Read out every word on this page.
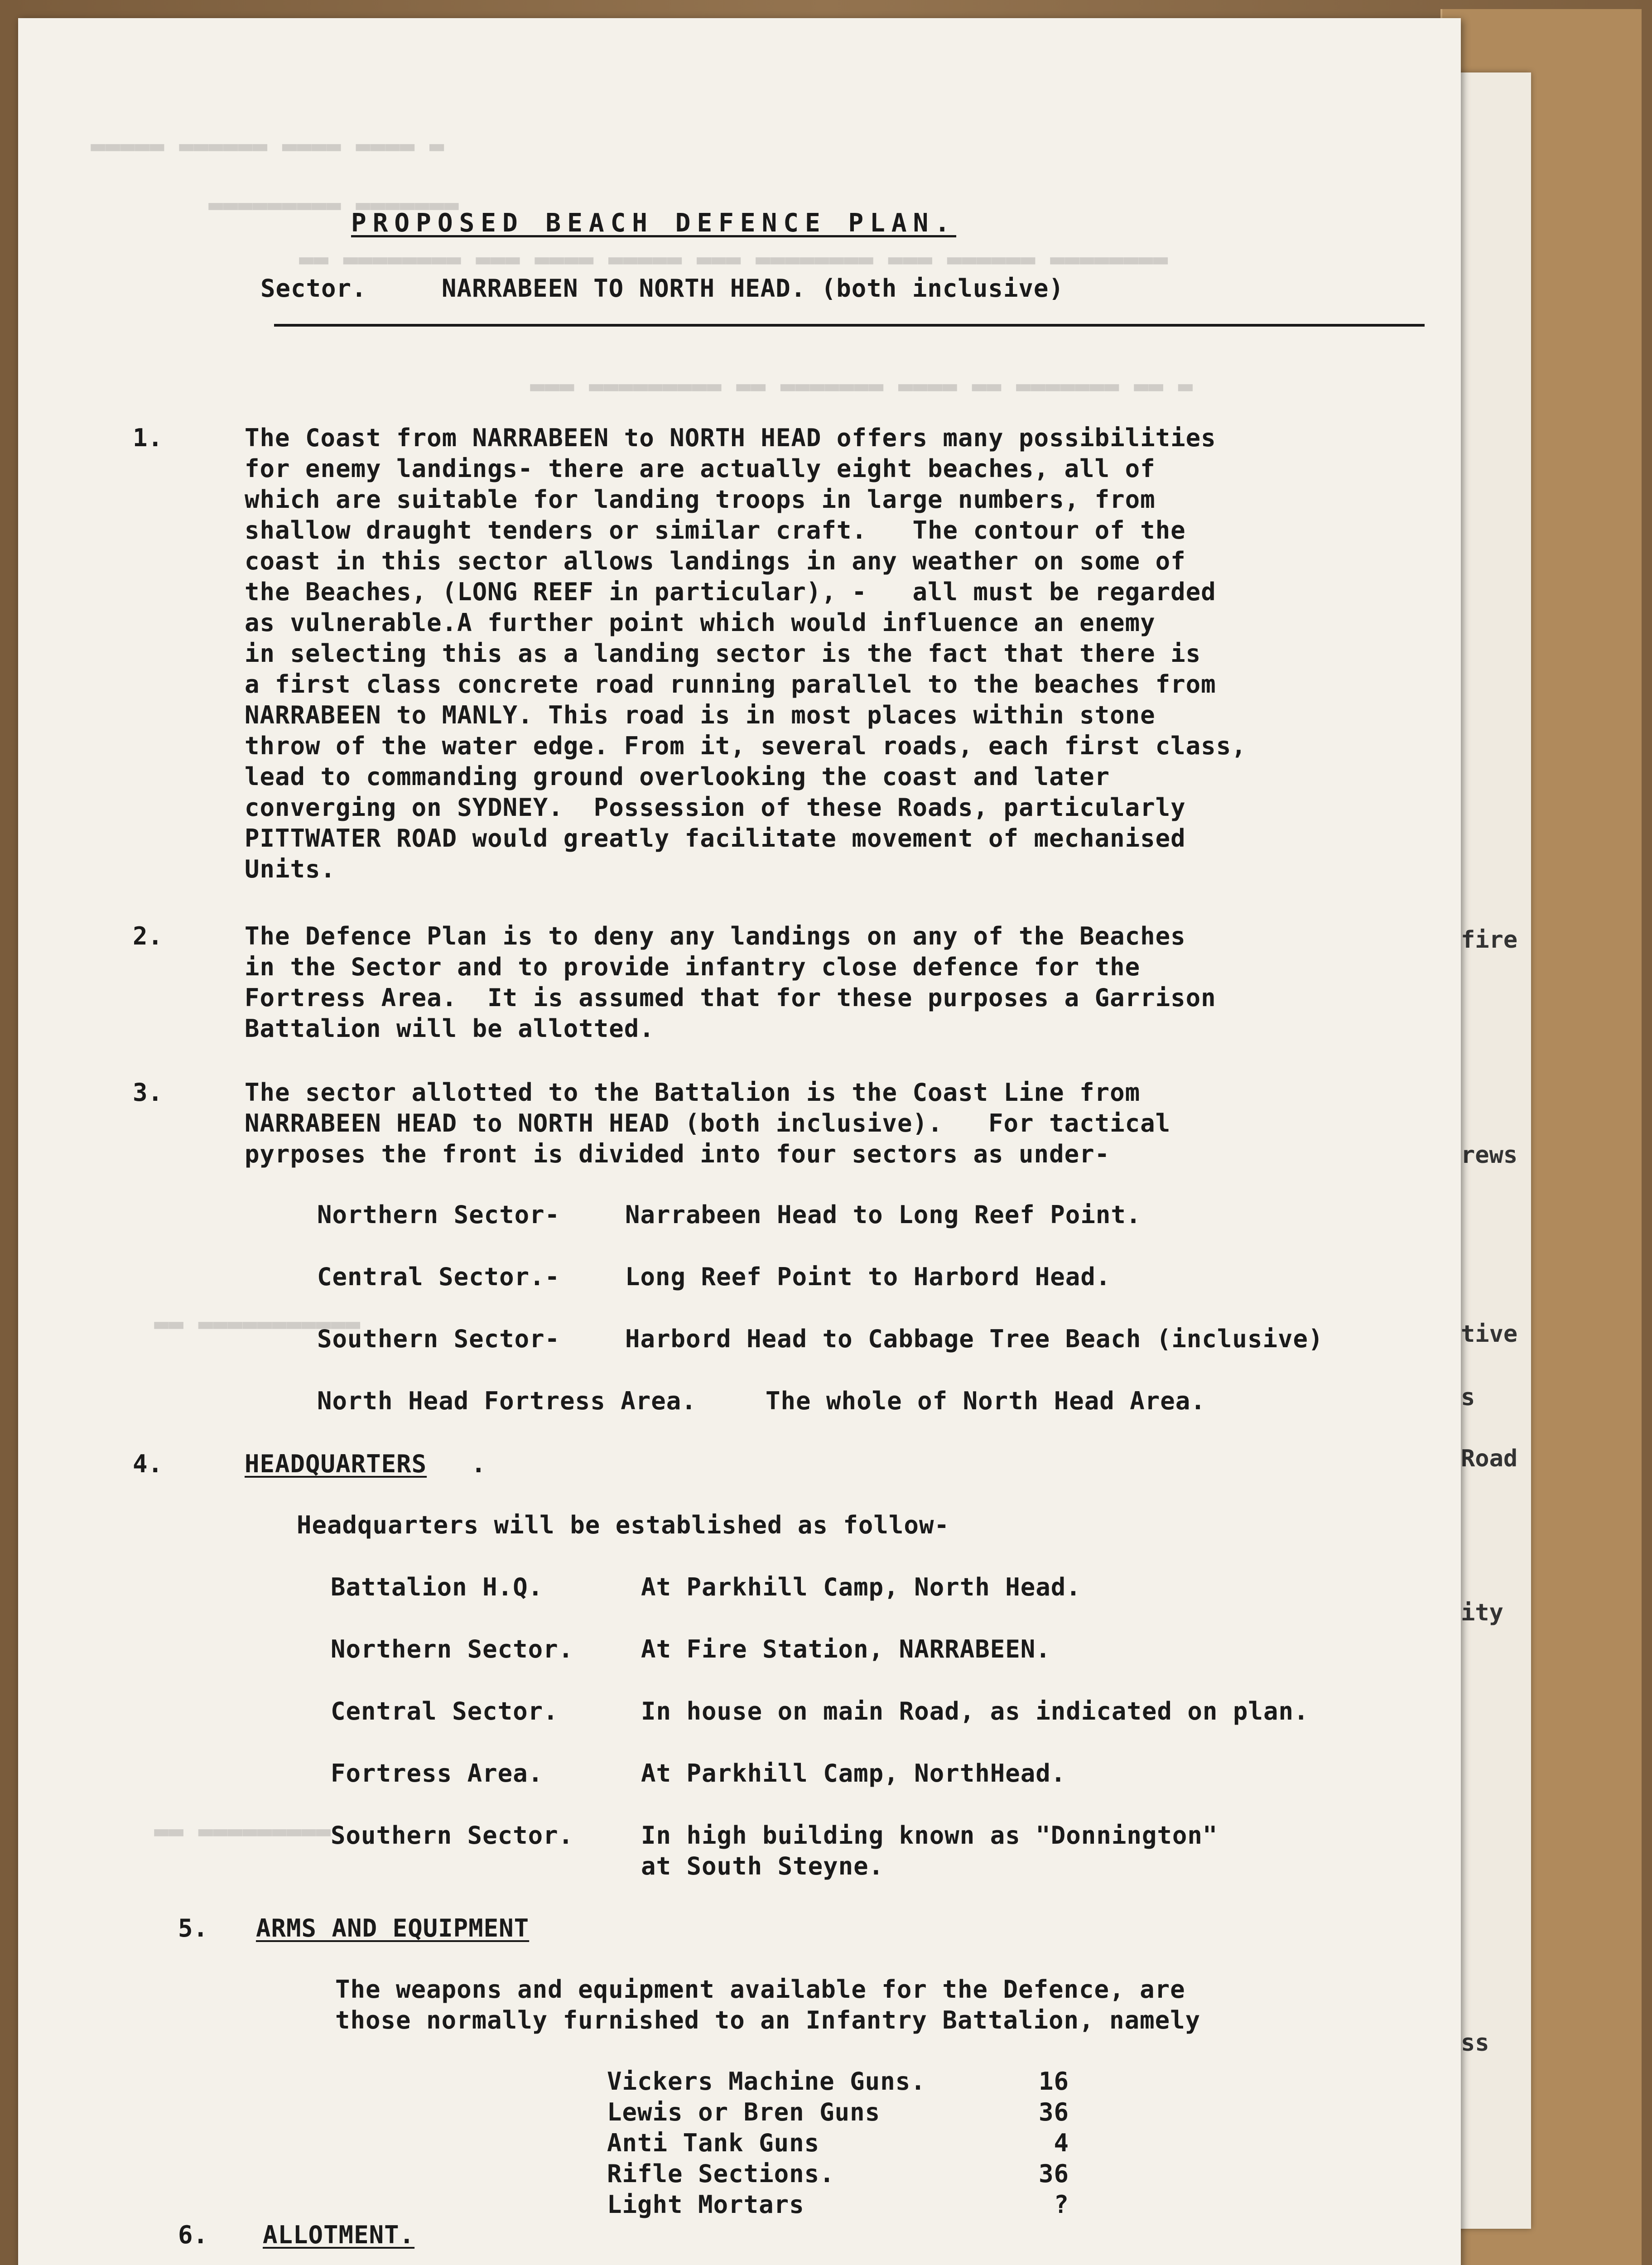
fire
rews
tive
s
Road
ity
ss
▬▬▬▬▬ ▬▬▬▬▬▬ ▬▬▬▬ ▬▬▬▬ ▬
▬▬▬▬▬▬▬▬▬ ▬▬▬▬▬▬▬
▬▬ ▬▬▬▬▬▬▬▬ ▬▬▬ ▬▬▬▬ ▬▬▬▬▬ ▬▬▬ ▬▬▬▬▬▬▬▬ ▬▬▬ ▬▬▬▬▬▬ ▬▬▬▬▬▬▬▬
▬▬▬ ▬▬▬▬▬▬▬▬▬ ▬▬ ▬▬▬▬▬▬▬ ▬▬▬▬ ▬▬ ▬▬▬▬▬▬▬ ▬▬ ▬
▬▬ ▬▬▬▬▬▬▬▬▬▬▬
▬▬ ▬▬▬▬▬▬▬▬▬
PROPOSED BEACH DEFENCE PLAN.
Sector.	NARRABEEN TO NORTH HEAD. (both inclusive)
1.	The Coast from NARRABEEN to NORTH HEAD offers many possibilities
for enemy landings- there are actually eight beaches, all of
which are suitable for landing troops in large numbers, from
shallow draught tenders or similar craft.   The contour of the
coast in this sector allows landings in any weather on some of
the Beaches, (LONG REEF in particular), -   all must be regarded
as vulnerable.A further point which would influence an enemy
in selecting this as a landing sector is the fact that there is
a first class concrete road running parallel to the beaches from
NARRABEEN to MANLY. This road is in most places within stone
throw of the water edge. From it, several roads, each first class,
lead to commanding ground overlooking the coast and later
converging on SYDNEY.  Possession of these Roads, particularly
PITTWATER ROAD would greatly facilitate movement of mechanised
Units.
2.	The Defence Plan is to deny any landings on any of the Beaches
in the Sector and to provide infantry close defence for the
Fortress Area.  It is assumed that for these purposes a Garrison
Battalion will be allotted.
3.	The sector allotted to the Battalion is the Coast Line from
NARRABEEN HEAD to NORTH HEAD (both inclusive).   For tactical
pyrposes the front is divided into four sectors as under-
Northern Sector-	Narrabeen Head to Long Reef Point.
Central Sector.-	Long Reef Point to Harbord Head.
Southern Sector-	Harbord Head to Cabbage Tree Beach (inclusive)
North Head Fortress Area.	The whole of North Head Area.
4.	HEADQUARTERS .
Headquarters will be established as follow-
Battalion H.Q.	At Parkhill Camp, North Head.
Northern Sector.	At Fire Station, NARRABEEN.
Central Sector.	In house on main Road, as indicated on plan.
Fortress Area.	At Parkhill Camp, NorthHead.
Southern Sector.	In high building known as "Donnington"
at South Steyne.
5. ARMS AND EQUIPMENT
The weapons and equipment available for the Defence, are
those normally furnished to an Infantry Battalion, namely
Vickers Machine Guns.	16
Lewis or Bren Guns	36
Anti Tank Guns	4
Rifle Sections.	36
Light Mortars	?
6. ALLOTMENT.
